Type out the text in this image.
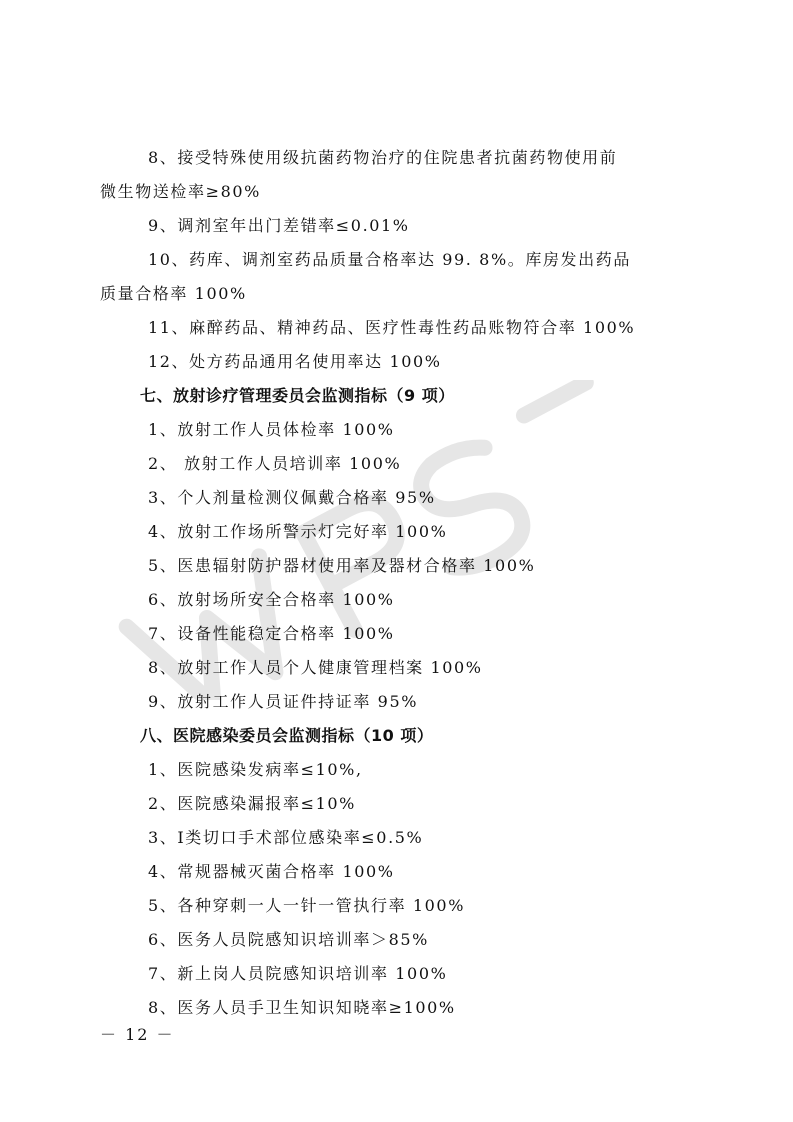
8、接受特殊使用级抗菌药物治疗的住院患者抗菌药物使用前
微生物送检率≥80%
9、调剂室年出门差错率≤0.01%
10、药库、调剂室药品质量合格率达 99. 8%。库房发出药品
质量合格率 100%
11、麻醉药品、精神药品、医疗性毒性药品账物符合率 100%
12、处方药品通用名使用率达 100%
七、放射诊疗管理委员会监测指标（9 项）
1、放射工作人员体检率 100%
2、 放射工作人员培训率 100%
3、个人剂量检测仪佩戴合格率 95%
4、放射工作场所警示灯完好率 100%
5、医患辐射防护器材使用率及器材合格率 100%
6、放射场所安全合格率 100%
7、设备性能稳定合格率 100%
8、放射工作人员个人健康管理档案 100%
9、放射工作人员证件持证率 95%
八、医院感染委员会监测指标（10 项）
1、医院感染发病率≤10%,
2、医院感染漏报率≤10%
3、Ⅰ类切口手术部位感染率≤0.5%
4、常规器械灭菌合格率 100%
5、各种穿刺一人一针一管执行率 100%
6、医务人员院感知识培训率＞85%
7、新上岗人员院感知识培训率 100%
8、医务人员手卫生知识知晓率≥100%
－ 12 －
